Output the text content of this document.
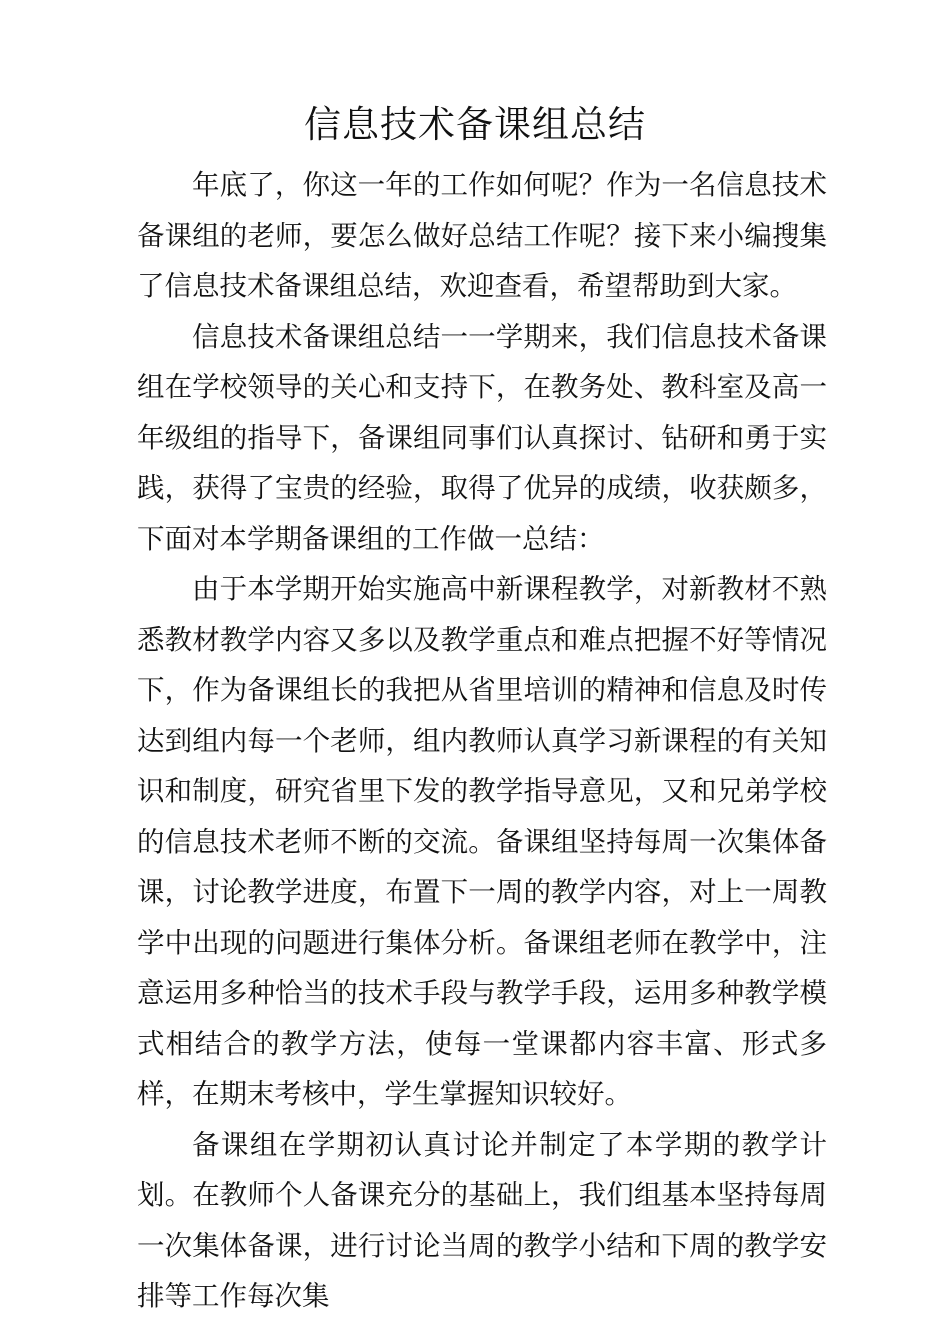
信息技术备课组总结

年底了，你这一年的工作如何呢？作为一名信息技术备课组的老师，要怎么做好总结工作呢？接下来小编搜集了信息技术备课组总结，欢迎查看，希望帮助到大家。

信息技术备课组总结一一学期来，我们信息技术备课组在学校领导的关心和支持下，在教务处、教科室及高一年级组的指导下，备课组同事们认真探讨、钻研和勇于实践，获得了宝贵的经验，取得了优异的成绩，收获颇多，下面对本学期备课组的工作做一总结：

由于本学期开始实施高中新课程教学，对新教材不熟悉教材教学内容又多以及教学重点和难点把握不好等情况下，作为备课组长的我把从省里培训的精神和信息及时传达到组内每一个老师，组内教师认真学习新课程的有关知识和制度，研究省里下发的教学指导意见，又和兄弟学校的信息技术老师不断的交流。备课组坚持每周一次集体备课，讨论教学进度，布置下一周的教学内容，对上一周教学中出现的问题进行集体分析。备课组老师在教学中，注意运用多种恰当的技术手段与教学手段，运用多种教学模式相结合的教学方法，使每一堂课都内容丰富、形式多样，在期末考核中，学生掌握知识较好。

备课组在学期初认真讨论并制定了本学期的教学计划。在教师个人备课充分的基础上，我们组基本坚持每周一次集体备课，进行讨论当周的教学小结和下周的教学安排等工作每次集
